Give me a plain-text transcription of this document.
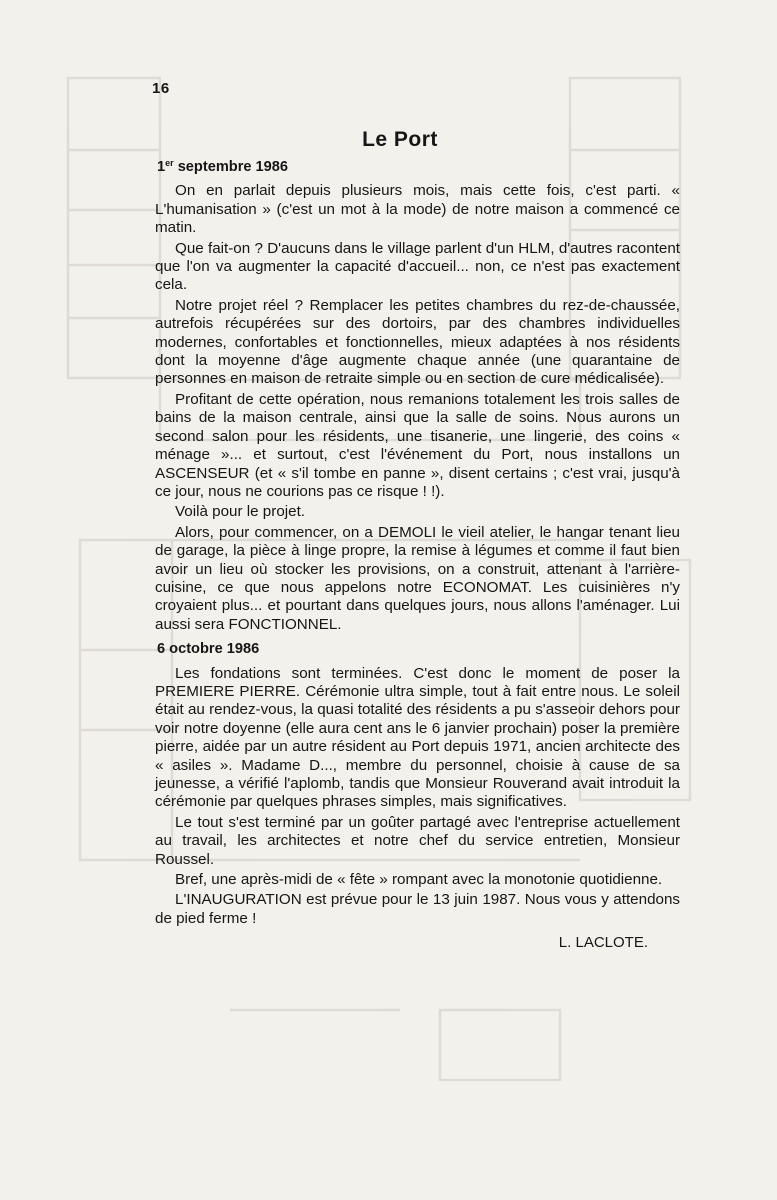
16
Le Port
1er septembre 1986

On en parlait depuis plusieurs mois, mais cette fois, c'est parti. « L'humanisation » (c'est un mot à la mode) de notre maison a commencé ce matin.

Que fait-on ? D'aucuns dans le village parlent d'un HLM, d'autres racontent que l'on va augmenter la capacité d'accueil... non, ce n'est pas exactement cela.

Notre projet réel ? Remplacer les petites chambres du rez-de-chaussée, autrefois récupérées sur des dortoirs, par des chambres individuelles modernes, confortables et fonctionnelles, mieux adaptées à nos résidents dont la moyenne d'âge augmente chaque année (une quarantaine de personnes en maison de retraite simple ou en section de cure médicalisée).

Profitant de cette opération, nous remanions totalement les trois salles de bains de la maison centrale, ainsi que la salle de soins. Nous aurons un second salon pour les résidents, une tisanerie, une lingerie, des coins « ménage »... et surtout, c'est l'événement du Port, nous installons un ASCENSEUR (et « s'il tombe en panne », disent certains ; c'est vrai, jusqu'à ce jour, nous ne courions pas ce risque ! !).

Voilà pour le projet.

Alors, pour commencer, on a DEMOLI le vieil atelier, le hangar tenant lieu de garage, la pièce à linge propre, la remise à légumes et comme il faut bien avoir un lieu où stocker les provisions, on a construit, attenant à l'arrière-cuisine, ce que nous appelons notre ECONOMAT. Les cuisinières n'y croyaient plus... et pourtant dans quelques jours, nous allons l'aménager. Lui aussi sera FONCTIONNEL.

6 octobre 1986

Les fondations sont terminées. C'est donc le moment de poser la PREMIERE PIERRE. Cérémonie ultra simple, tout à fait entre nous. Le soleil était au rendez-vous, la quasi totalité des résidents a pu s'asseoir dehors pour voir notre doyenne (elle aura cent ans le 6 janvier prochain) poser la première pierre, aidée par un autre résident au Port depuis 1971, ancien architecte des « asiles ». Madame D..., membre du personnel, choisie à cause de sa jeunesse, a vérifié l'aplomb, tandis que Monsieur Rouverand avait introduit la cérémonie par quelques phrases simples, mais significatives.

Le tout s'est terminé par un goûter partagé avec l'entreprise actuellement au travail, les architectes et notre chef du service entretien, Monsieur Roussel.

Bref, une après-midi de « fête » rompant avec la monotonie quotidienne.

L'INAUGURATION est prévue pour le 13 juin 1987. Nous vous y attendons de pied ferme !

L. LACLOTE.
